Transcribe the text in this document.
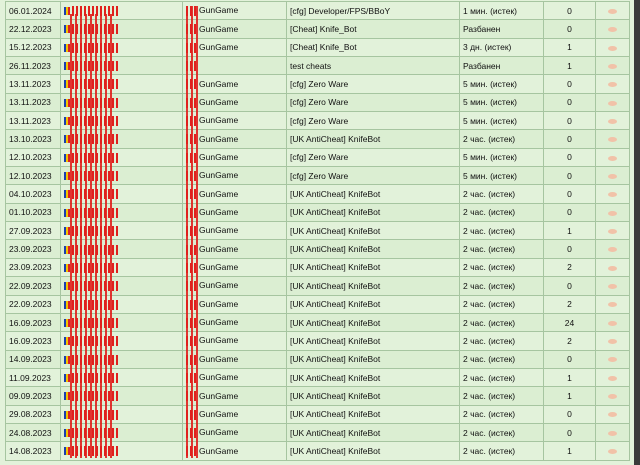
06.01.2024		GunGame	[cfg] Developer/FPS/BBoY	1 мин. (истек)	0	
22.12.2023		GunGame	[Cheat] Knife_Bot	Разбанен	0	
15.12.2023		GunGame	[Cheat] Knife_Bot	3 дн. (истек)	1	
26.11.2023			test cheats	Разбанен	1	
13.11.2023		GunGame	[cfg] Zero Ware	5 мин. (истек)	0	
13.11.2023		GunGame	[cfg] Zero Ware	5 мин. (истек)	0	
13.11.2023		GunGame	[cfg] Zero Ware	5 мин. (истек)	0	
13.10.2023		GunGame	[UK AntiCheat] KnifeBot	2 час. (истек)	0	
12.10.2023		GunGame	[cfg] Zero Ware	5 мин. (истек)	0	
12.10.2023		GunGame	[cfg] Zero Ware	5 мин. (истек)	0	
04.10.2023		GunGame	[UK AntiCheat] KnifeBot	2 час. (истек)	0	
01.10.2023		GunGame	[UK AntiCheat] KnifeBot	2 час. (истек)	0	
27.09.2023		GunGame	[UK AntiCheat] KnifeBot	2 час. (истек)	1	
23.09.2023		GunGame	[UK AntiCheat] KnifeBot	2 час. (истек)	0	
23.09.2023		GunGame	[UK AntiCheat] KnifeBot	2 час. (истек)	2	
22.09.2023		GunGame	[UK AntiCheat] KnifeBot	2 час. (истек)	0	
22.09.2023		GunGame	[UK AntiCheat] KnifeBot	2 час. (истек)	2	
16.09.2023		GunGame	[UK AntiCheat] KnifeBot	2 час. (истек)	24	
16.09.2023		GunGame	[UK AntiCheat] KnifeBot	2 час. (истек)	2	
14.09.2023		GunGame	[UK AntiCheat] KnifeBot	2 час. (истек)	0	
11.09.2023		GunGame	[UK AntiCheat] KnifeBot	2 час. (истек)	1	
09.09.2023		GunGame	[UK AntiCheat] KnifeBot	2 час. (истек)	1	
29.08.2023		GunGame	[UK AntiCheat] KnifeBot	2 час. (истек)	0	
24.08.2023		GunGame	[UK AntiCheat] KnifeBot	2 час. (истек)	0	
14.08.2023		GunGame	[UK AntiCheat] KnifeBot	2 час. (истек)	1	
